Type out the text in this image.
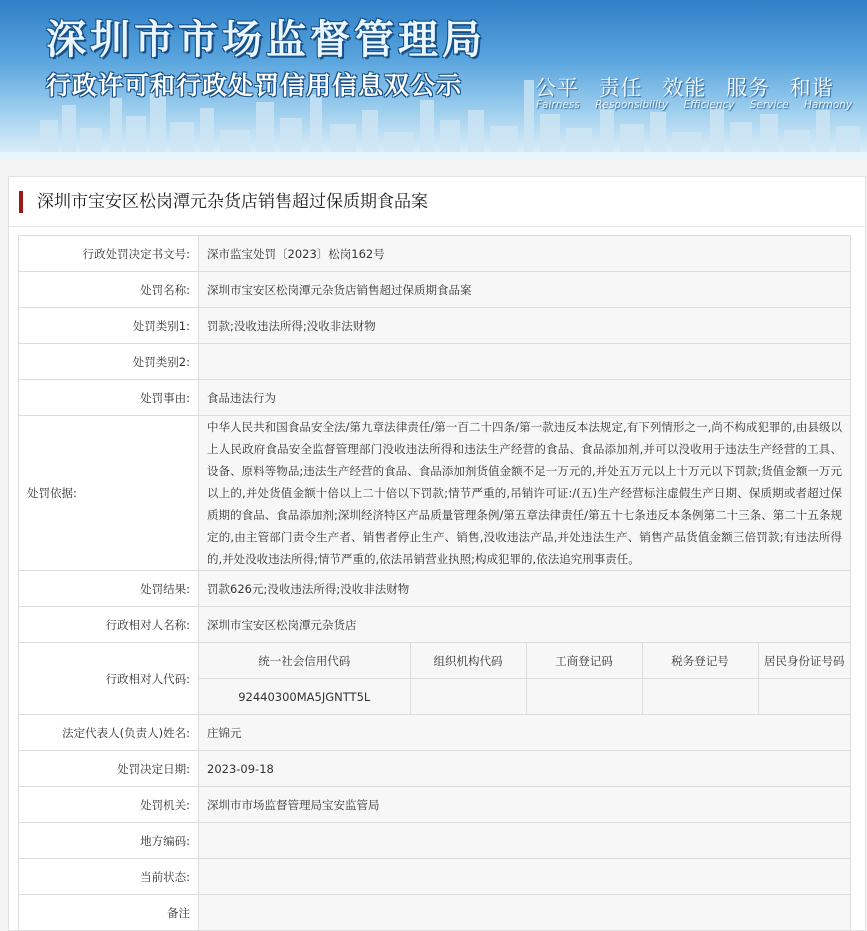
深圳市市场监督管理局
行政许可和行政处罚信用信息双公示	公平 责任 效能 服务 和谐
Fairness Responsibility Efficiency Service Harmony
深圳市宝安区松岗潭元杂货店销售超过保质期食品案
行政处罚决定书文号:	深市监宝处罚〔2023〕松岗162号
处罚名称:	深圳市宝安区松岗潭元杂货店销售超过保质期食品案
处罚类别1:	罚款;没收违法所得;没收非法财物
处罚类别2:	
处罚事由:	食品违法行为
处罚依据:	中华人民共和国食品安全法/第九章法律责任/第一百二十四条/第一款违反本法规定,有下列情形之一,尚不构成犯罪的,由县级以上人民政府食品安全监督管理部门没收违法所得和违法生产经营的食品、食品添加剂,并可以没收用于违法生产经营的工具、设备、原料等物品;违法生产经营的食品、食品添加剂货值金额不足一万元的,并处五万元以上十万元以下罚款;货值金额一万元以上的,并处货值金额十倍以上二十倍以下罚款;情节严重的,吊销许可证:/(五)生产经营标注虚假生产日期、保质期或者超过保质期的食品、食品添加剂;深圳经济特区产品质量管理条例/第五章法律责任/第五十七条违反本条例第二十三条、第二十五条规定的,由主管部门责令生产者、销售者停止生产、销售,没收违法产品,并处违法生产、销售产品货值金额三倍罚款;有违法所得的,并处没收违法所得;情节严重的,依法吊销营业执照;构成犯罪的,依法追究刑事责任。
处罚结果:	罚款626元;没收违法所得;没收非法财物
行政相对人名称:	深圳市宝安区松岗潭元杂货店
行政相对人代码:	
统一社会信用代码	组织机构代码	工商登记码	税务登记号	居民身份证号码
92440300MA5JGNTT5L				

法定代表人(负责人)姓名:	庄锦元
处罚决定日期:	2023-09-18
处罚机关:	深圳市市场监督管理局宝安监管局
地方编码:	
当前状态:	
备注	
